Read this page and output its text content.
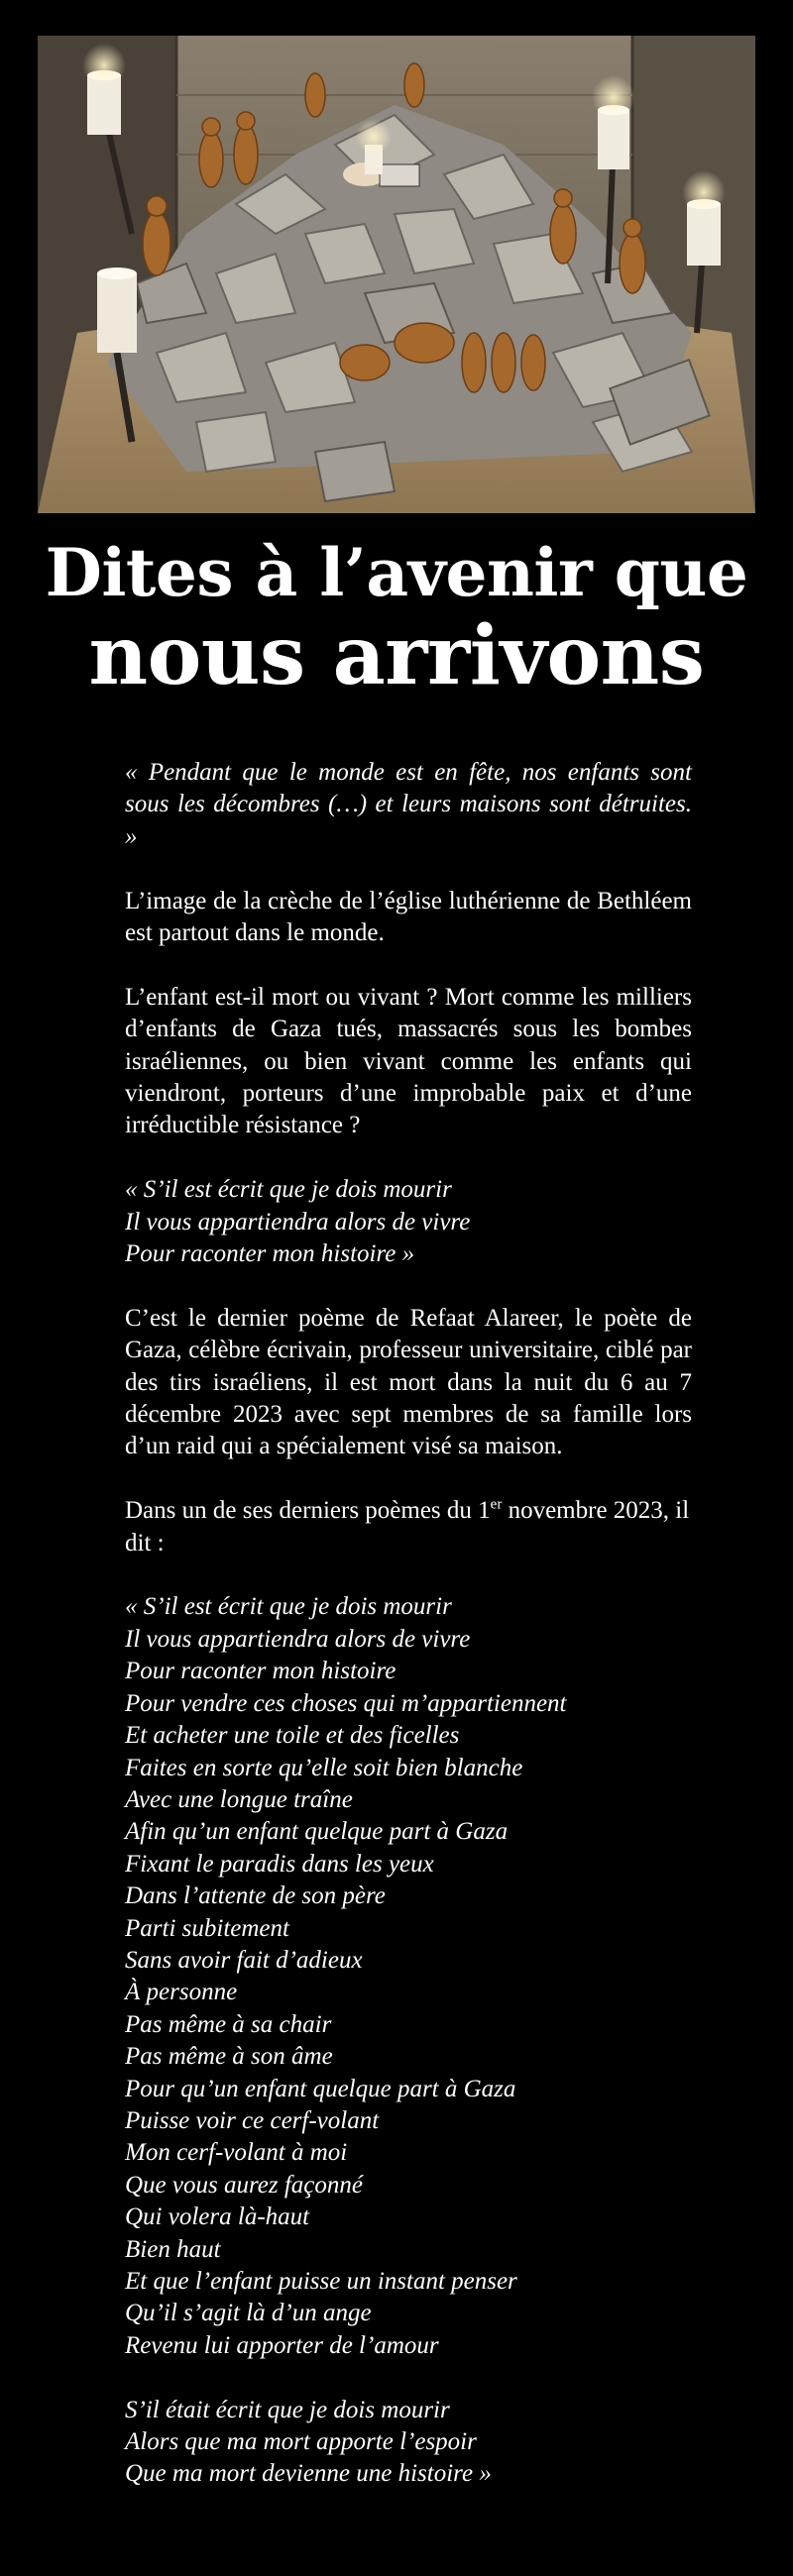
Dites à l’avenir que
nous arrivons

« Pendant que le monde est en fête, nos enfants sont sous les décombres (…) et leurs maisons sont détruites. »

L’image de la crèche de l’église luthérienne de Bethléem est partout dans le monde.

L’enfant est-il mort ou vivant ? Mort comme les milliers d’enfants de Gaza tués, massacrés sous les bombes israéliennes, ou bien vivant comme les enfants qui viendront, porteurs d’une improbable paix et d’une irréductible résistance ?

« S’il est écrit que je dois mourir
Il vous appartiendra alors de vivre
Pour raconter mon histoire »

C’est le dernier poème de Refaat Alareer, le poète de Gaza, célèbre écrivain, professeur universitaire, ciblé par des tirs israéliens, il est mort dans la nuit du 6 au 7 décembre 2023 avec sept membres de sa famille lors d’un raid qui a spécialement visé sa maison.

Dans un de ses derniers poèmes du 1er novembre 2023, il dit :

« S’il est écrit que je dois mourir
Il vous appartiendra alors de vivre
Pour raconter mon histoire
Pour vendre ces choses qui m’appartiennent
Et acheter une toile et des ficelles
Faites en sorte qu’elle soit bien blanche
Avec une longue traîne
Afin qu’un enfant quelque part à Gaza
Fixant le paradis dans les yeux
Dans l’attente de son père
Parti subitement
Sans avoir fait d’adieux
À personne
Pas même à sa chair
Pas même à son âme
Pour qu’un enfant quelque part à Gaza
Puisse voir ce cerf-volant
Mon cerf-volant à moi
Que vous aurez façonné
Qui volera là-haut
Bien haut
Et que l’enfant puisse un instant penser
Qu’il s’agit là d’un ange
Revenu lui apporter de l’amour
S’il était écrit que je dois mourir
Alors que ma mort apporte l’espoir
Que ma mort devienne une histoire »
